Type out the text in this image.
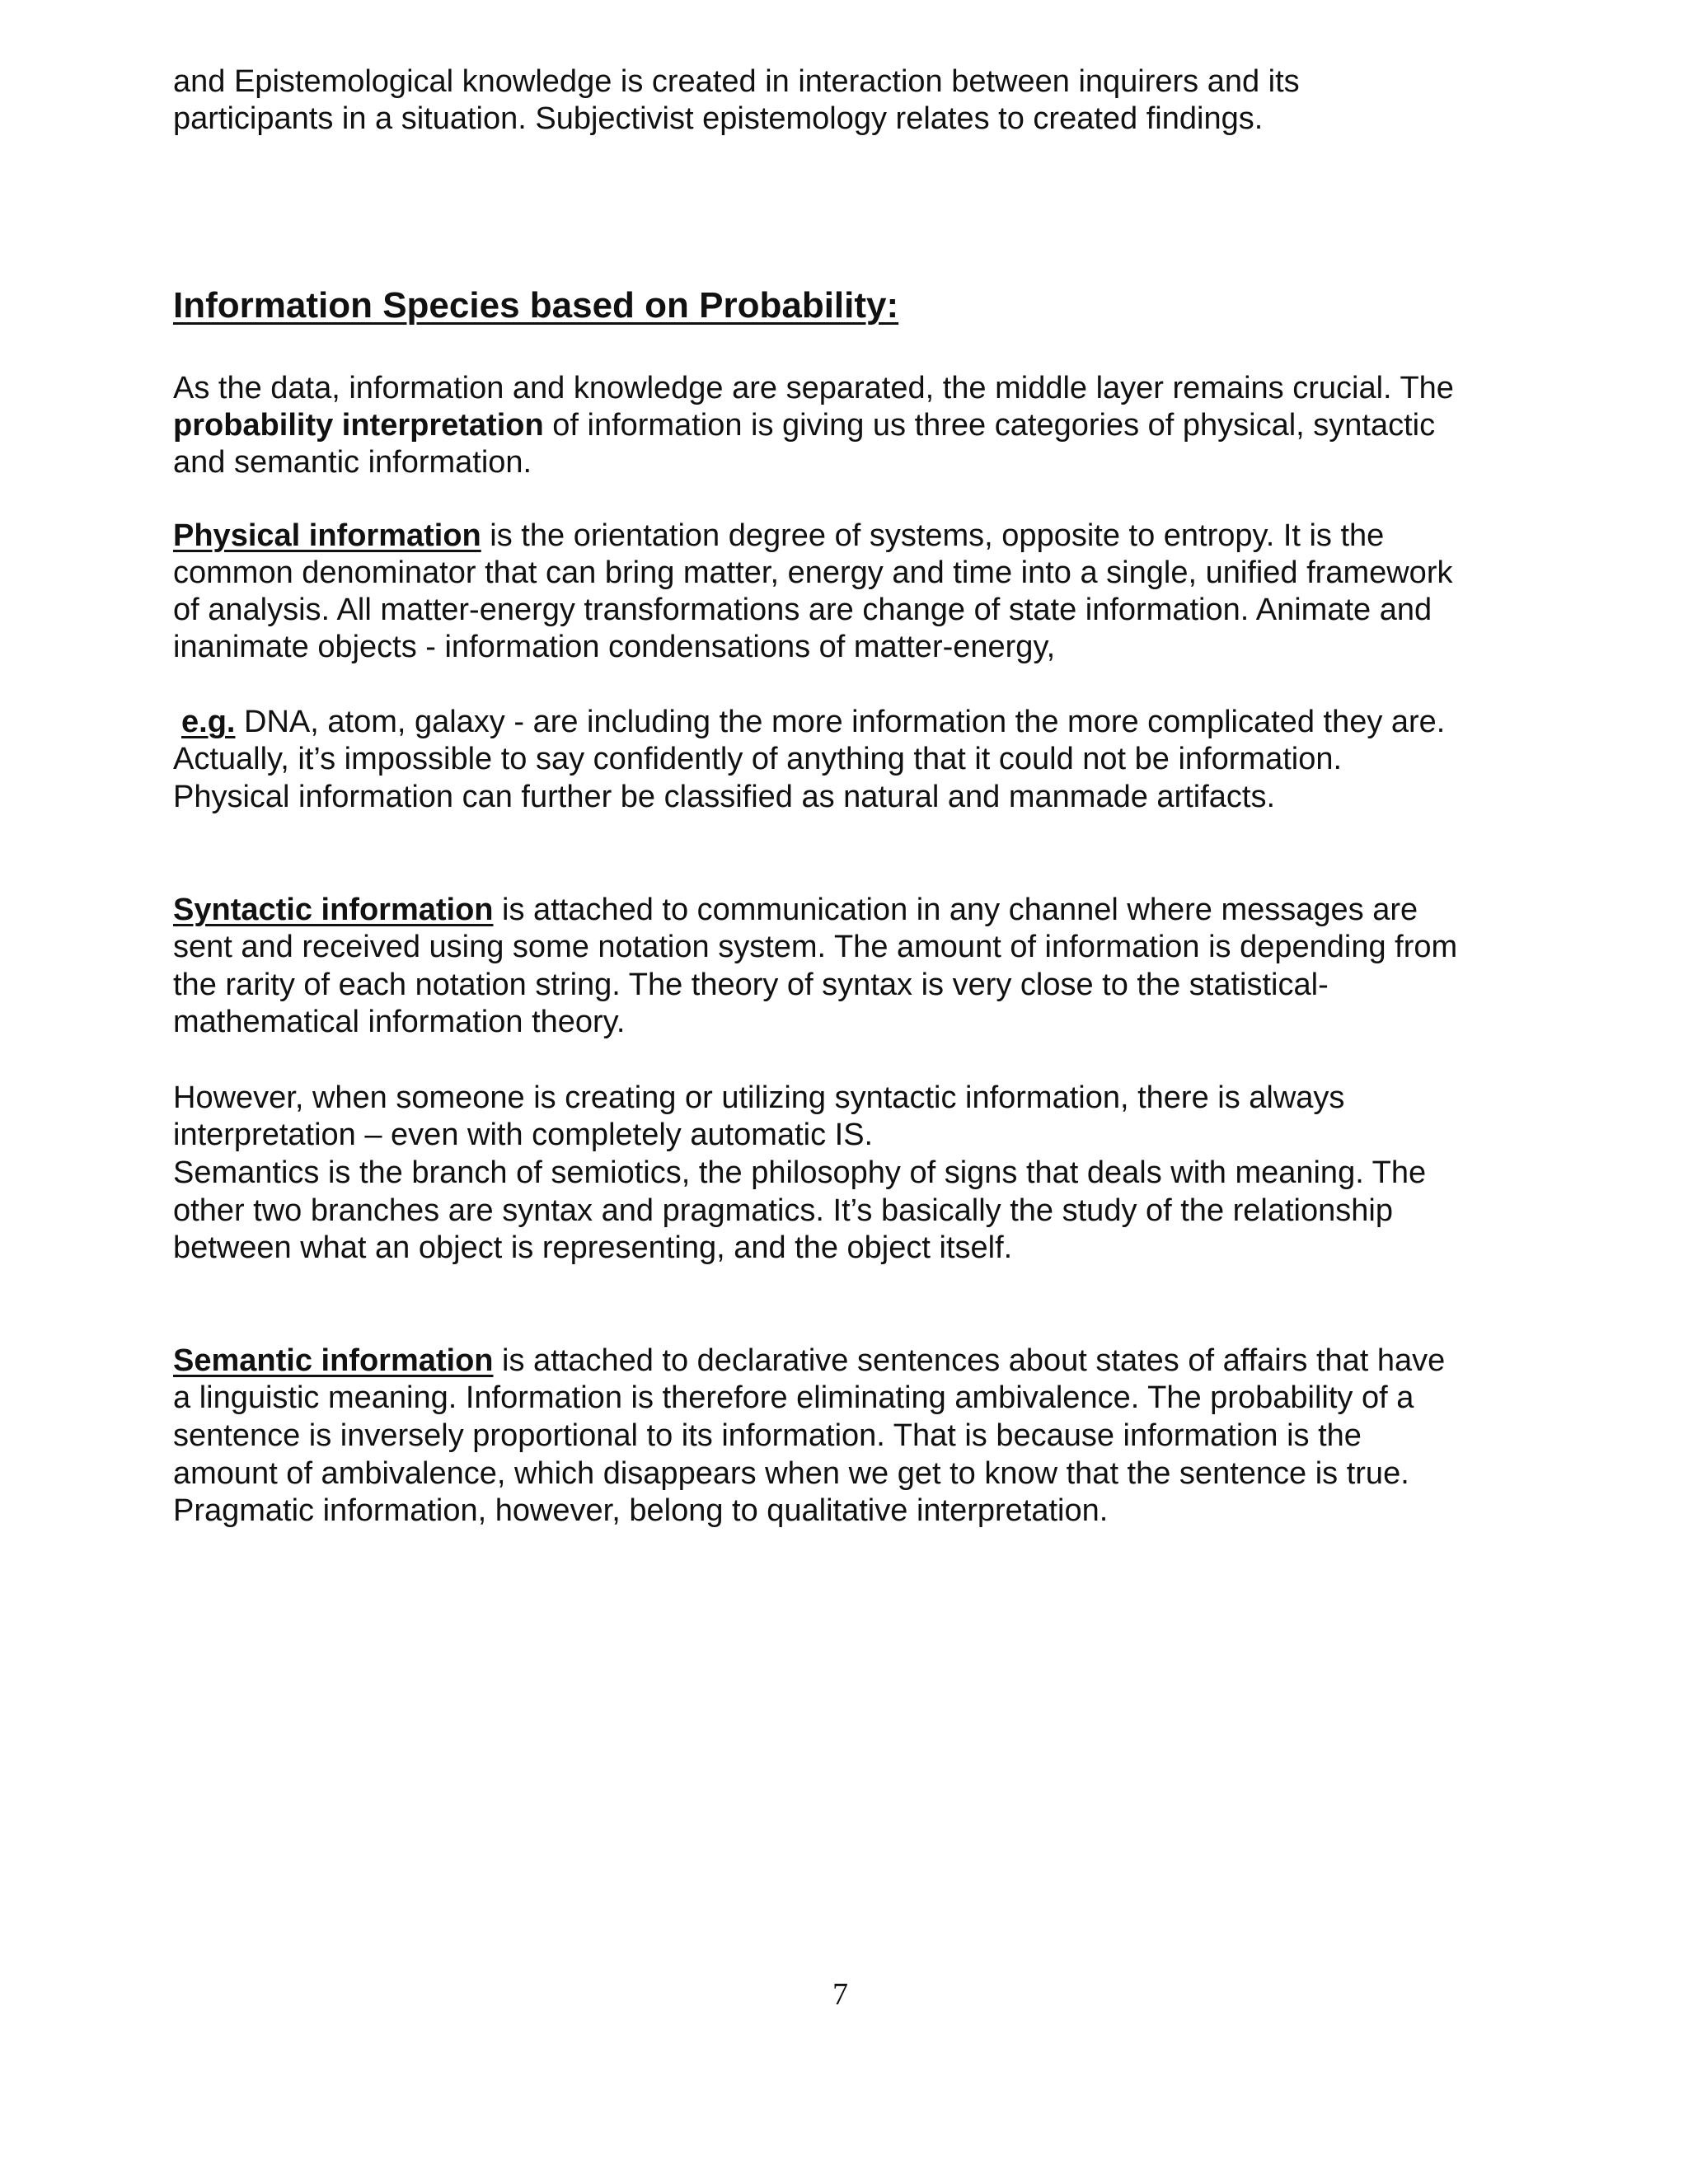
and Epistemological knowledge is created in interaction between inquirers and its
participants in a situation. Subjectivist epistemology relates to created findings.
Information Species based on Probability:
As the data, information and knowledge are separated, the middle layer remains crucial. The
probability interpretation of information is giving us three categories of physical, syntactic
and semantic information.
Physical information is the orientation degree of systems, opposite to entropy. It is the
common denominator that can bring matter, energy and time into a single, unified framework
of analysis. All matter-energy transformations are change of state information. Animate and
inanimate objects - information condensations of matter-energy,
e.g. DNA, atom, galaxy - are including the more information the more complicated they are.
Actually, it’s impossible to say confidently of anything that it could not be information.
Physical information can further be classified as natural and manmade artifacts.
Syntactic information is attached to communication in any channel where messages are
sent and received using some notation system. The amount of information is depending from
the rarity of each notation string. The theory of syntax is very close to the statistical-
mathematical information theory.
However, when someone is creating or utilizing syntactic information, there is always
interpretation – even with completely automatic IS.
Semantics is the branch of semiotics, the philosophy of signs that deals with meaning. The
other two branches are syntax and pragmatics. It’s basically the study of the relationship
between what an object is representing, and the object itself.
Semantic information is attached to declarative sentences about states of affairs that have
a linguistic meaning. Information is therefore eliminating ambivalence. The probability of a
sentence is inversely proportional to its information. That is because information is the
amount of ambivalence, which disappears when we get to know that the sentence is true.
Pragmatic information, however, belong to qualitative interpretation.
7
